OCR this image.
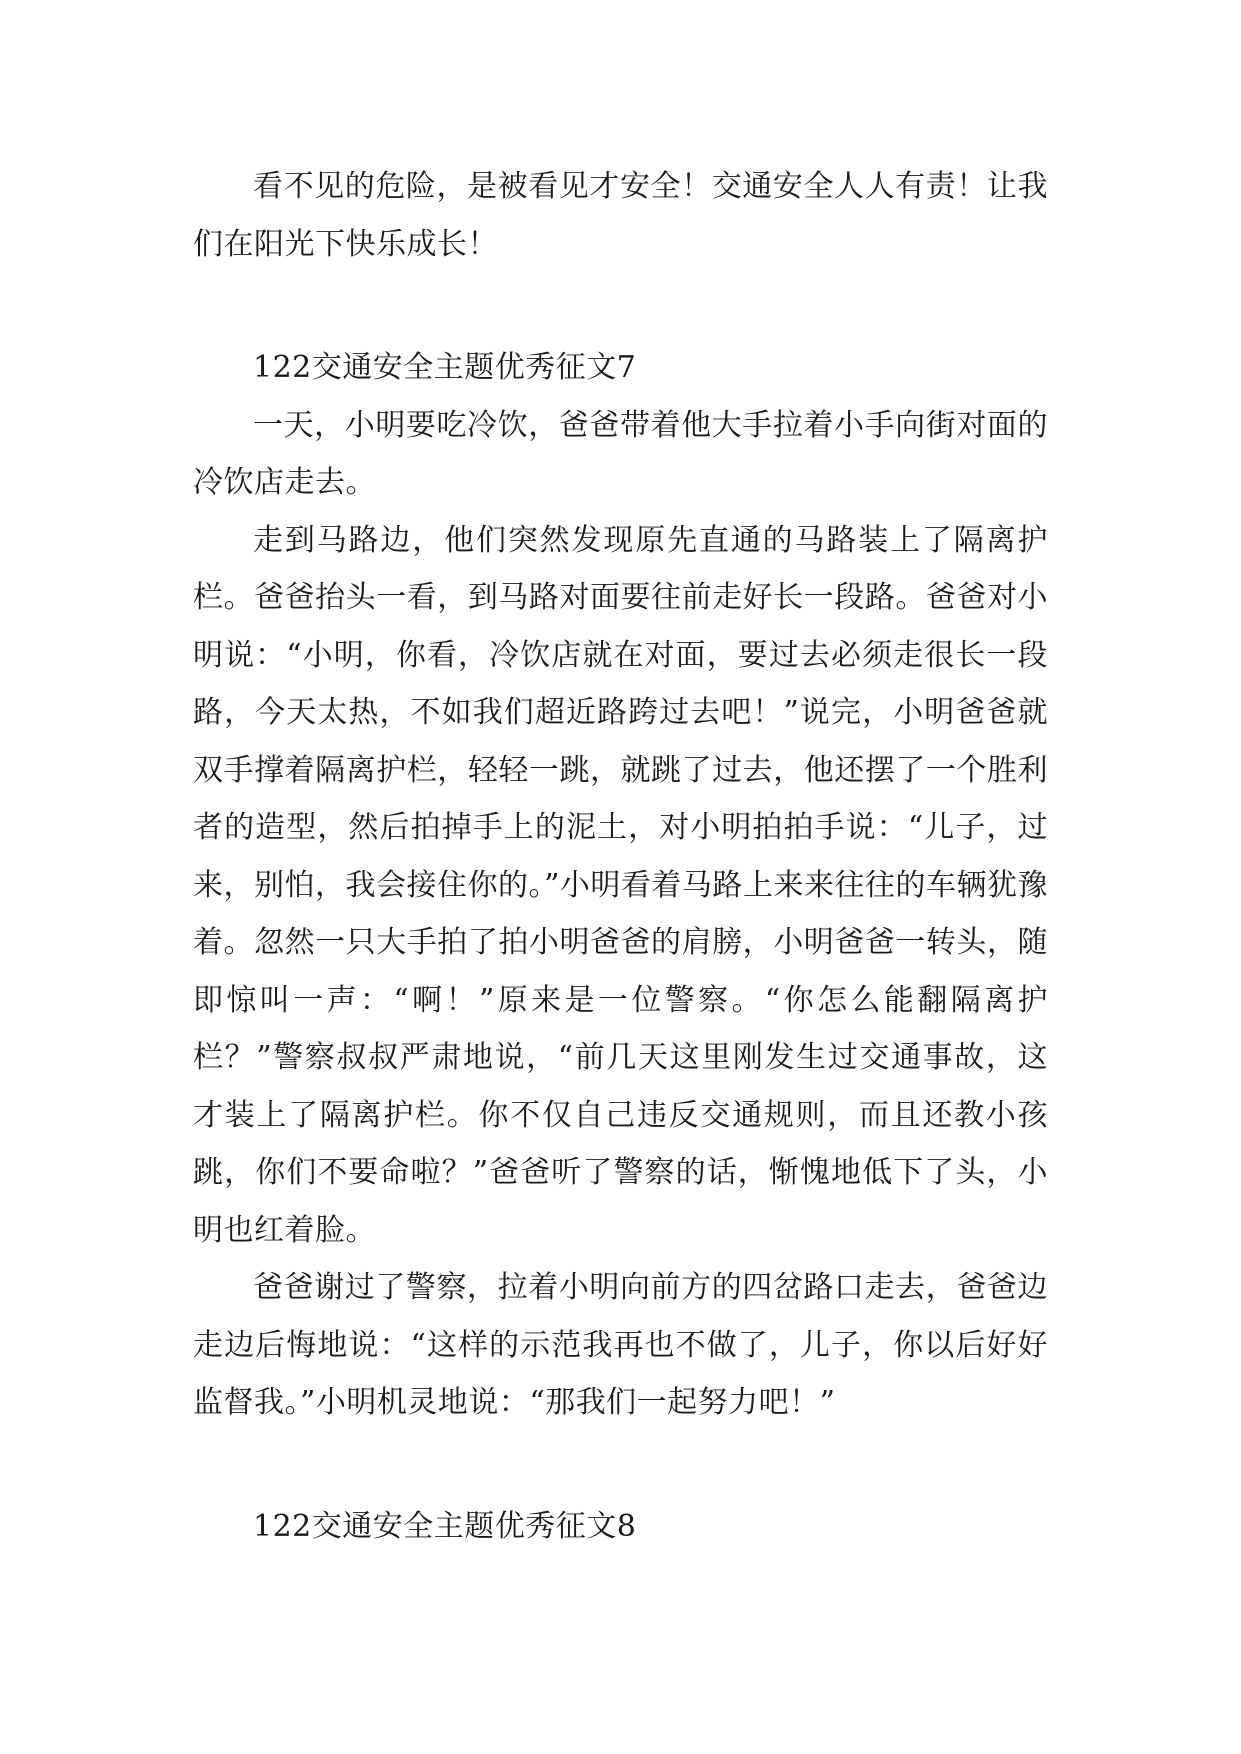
看不见的危险，是被看见才安全！交通安全人人有责！让我们在阳光下快乐成长！

122交通安全主题优秀征文7

一天，小明要吃冷饮，爸爸带着他大手拉着小手向街对面的冷饮店走去。

走到马路边，他们突然发现原先直通的马路装上了隔离护栏。爸爸抬头一看，到马路对面要往前走好长一段路。爸爸对小明说：“小明，你看，冷饮店就在对面，要过去必须走很长一段路，今天太热，不如我们超近路跨过去吧！”说完，小明爸爸就双手撑着隔离护栏，轻轻一跳，就跳了过去，他还摆了一个胜利者的造型，然后拍掉手上的泥土，对小明拍拍手说：“儿子，过来，别怕，我会接住你的。”小明看着马路上来来往往的车辆犹豫着。忽然一只大手拍了拍小明爸爸的肩膀，小明爸爸一转头，随即惊叫一声：“啊！”原来是一位警察。“你怎么能翻隔离护栏？”警察叔叔严肃地说，“前几天这里刚发生过交通事故，这才装上了隔离护栏。你不仅自己违反交通规则，而且还教小孩跳，你们不要命啦？”爸爸听了警察的话，惭愧地低下了头，小明也红着脸。

爸爸谢过了警察，拉着小明向前方的四岔路口走去，爸爸边走边后悔地说：“这样的示范我再也不做了，儿子，你以后好好监督我。”小明机灵地说：“那我们一起努力吧！”

122交通安全主题优秀征文8
